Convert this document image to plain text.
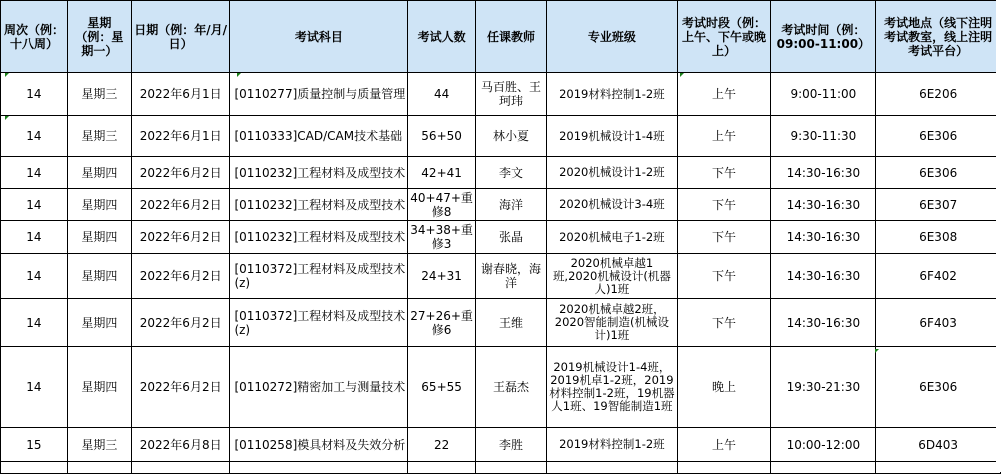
周次（例：十八周）	星期（例：星期一）	日期（例：年/月/日）	考试科目	考试人数	任课教师	专业班级	考试时段（例：上午、下午或晚上）	考试时间（例：09:00-11:00）	考试地点（线下注明考试教室，线上注明考试平台）
14	星期三	2022年6月1日	[0110277]质量控制与质量管理	44	马百胜、王珂玮	2019材料控制1-2班	上午	9:00-11:00	6E206
14	星期三	2022年6月1日	[0110333]CAD/CAM技术基础	56+50	林小夏	2019机械设计1-4班	上午	9:30-11:30	6E306
14	星期四	2022年6月2日	[0110232]工程材料及成型技术	42+41	李文	2020机械设计1-2班	下午	14:30-16:30	6E306
14	星期四	2022年6月2日	[0110232]工程材料及成型技术	40+47+重修8	海洋	2020机械设计3-4班	下午	14:30-16:30	6E307
14	星期四	2022年6月2日	[0110232]工程材料及成型技术	34+38+重修3	张晶	2020机械电子1-2班	下午	14:30-16:30	6E308
14	星期四	2022年6月2日	[0110372]工程材料及成型技术(z)	24+31	谢春晓，海洋	2020机械卓越1班,2020机械设计(机器人)1班	下午	14:30-16:30	6F402
14	星期四	2022年6月2日	[0110372]工程材料及成型技术(z)	27+26+重修6	王维	2020机械卓越2班，2020智能制造(机械设计)1班	下午	14:30-16:30	6F403
14	星期四	2022年6月2日	[0110272]精密加工与测量技术	65+55	王磊杰	2019机械设计1-4班，2019机卓1-2班，2019材料控制1-2班，19机器人1班、19智能制造1班	晚上	19:30-21:30	6E306
15	星期三	2022年6月8日	[0110258]模具材料及失效分析	22	李胜	2019材料控制1-2班	上午	10:00-12:00	6D403
